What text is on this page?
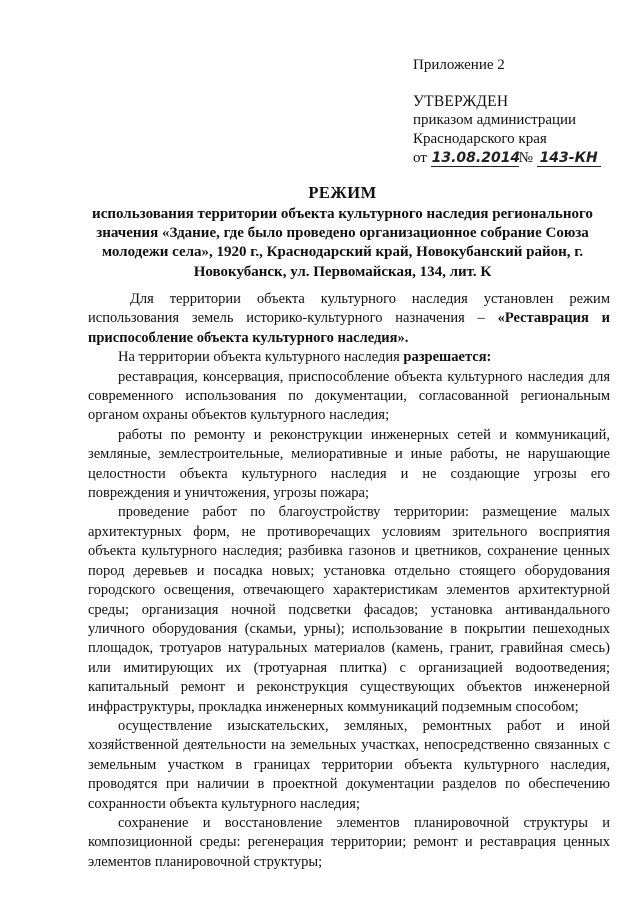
Приложение 2
УТВЕРЖДЕН
приказом администрации
Краснодарского края
от 13.08.2014№ 143-КН
РЕЖИМ
использования территории объекта культурного наследия регионального значения «Здание, где было проведено организационное собрание Союза молодежи села», 1920 г., Краснодарский край, Новокубанский район, г. Новокубанск, ул. Первомайская, 134, лит. К

Для территории объекта культурного наследия установлен режим использования земель историко-культурного назначения – «Реставрация и приспособление объекта культурного наследия».

На территории объекта культурного наследия разрешается:

реставрация, консервация, приспособление объекта культурного наследия для современного использования по документации, согласованной региональным органом охраны объектов культурного наследия;

работы по ремонту и реконструкции инженерных сетей и коммуникаций, земляные, землестроительные, мелиоративные и иные работы, не нарушающие целостности объекта культурного наследия и не создающие угрозы его повреждения и уничтожения, угрозы пожара;

проведение работ по благоустройству территории: размещение малых архитектурных форм, не противоречащих условиям зрительного восприятия объекта культурного наследия; разбивка газонов и цветников, сохранение ценных пород деревьев и посадка новых; установка отдельно стоящего оборудования городского освещения, отвечающего характеристикам элементов архитектурной среды; организация ночной подсветки фасадов; установка антивандального уличного оборудования (скамьи, урны); использование в покрытии пешеходных площадок, тротуаров натуральных материалов (камень, гранит, гравийная смесь) или имитирующих их (тротуарная плитка) с организацией водоотведения; капитальный ремонт и реконструкция существующих объектов инженерной инфраструктуры, прокладка инженерных коммуникаций подземным способом;

осуществление изыскательских, земляных, ремонтных работ и иной хозяйственной деятельности на земельных участках, непосредственно связанных с земельным участком в границах территории объекта культурного наследия, проводятся при наличии в проектной документации разделов по обеспечению сохранности объекта культурного наследия;

сохранение и восстановление элементов планировочной структуры и композиционной среды: регенерация территории; ремонт и реставрация ценных элементов планировочной структуры;
